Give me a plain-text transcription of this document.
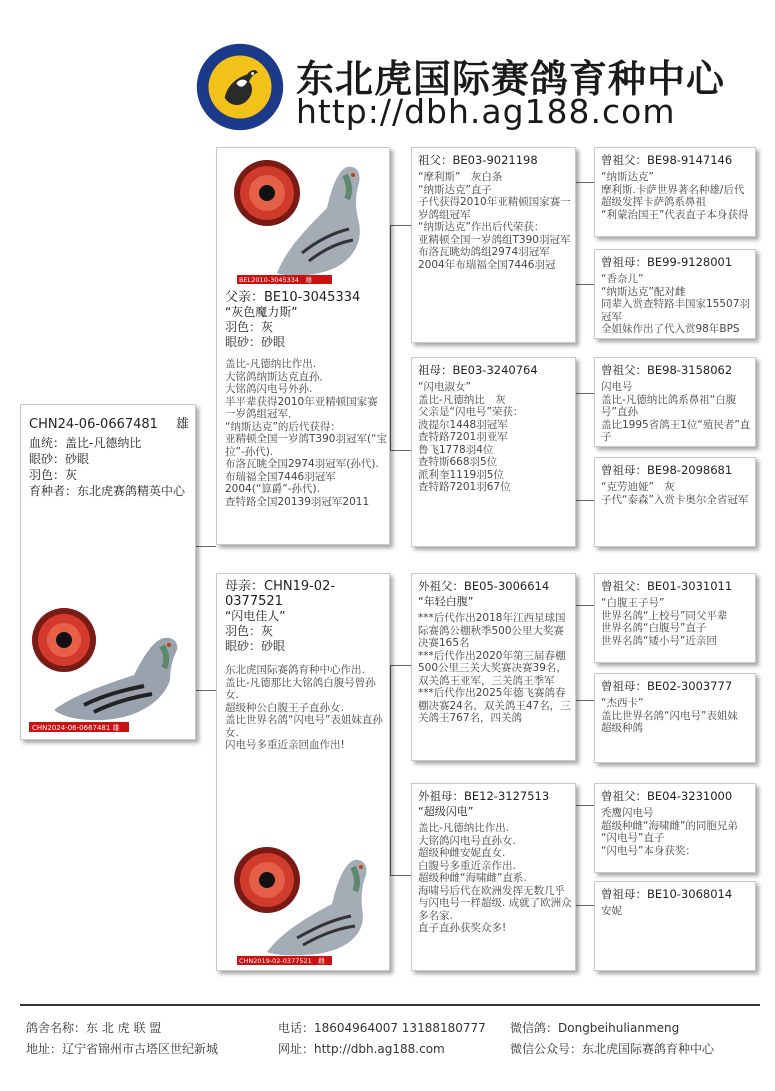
东北虎国际赛鸽育种中心
http://dbh.ag188.com
CHN24-06-0667481 雄
血统：盖比-凡德纳比
眼砂：砂眼
羽色：灰
育种者：东北虎赛鸽精英中心
CHN2024-06-0667481 雄
BEL2010-3045334　雄
父亲：BE10-3045334
“灰色魔力斯”
羽色：灰
眼砂：砂眼
盖比-凡德纳比作出.
大铭鸽纳斯达克直孙．
大铭鸽闪电号外孙.
半平辈获得2010年亚精顿国家赛一岁鸽组冠军．
“纳斯达克”的后代获得：
亚精顿全国一岁鸽T390羽冠军(“宝拉”-孙代).
布洛瓦眺全国2974羽冠军(孙代).
布瑞福全国7446羽冠军
2004(“算爵”-孙代).
查特路全国20139羽冠军2011
母亲：CHN19-02-0377521
“闪电佳人”
羽色：灰
眼砂：砂眼
东北虎国际赛鸽育种中心作出.
盖比-凡德那比大铭鸽白腹号曾孙女.
超级种公白腹王子直孙女.
盖比世界名鸽“闪电号”表姐妹直孙女.
闪电号多重近亲回血作出!
CHN2019-02-0377521　雌
祖父：BE03-9021198
“摩利斯”　灰白条
“纳斯达克”直子
子代获得2010年亚精顿国家赛一岁鸽组冠军
“纳斯达克”作出后代荣获：
亚精顿全国一岁鸽组T390羽冠军
布洛瓦眺幼鸽组2974羽冠军
2004年布瑞福全国7446羽冠
祖母：BE03-3240764
“闪电淑女”
盖比-凡德纳比　灰
父亲是“闪电号”荣获：
波提尔1448羽冠军
查特路7201羽亚军
鲁飞1778羽4位
查特斯668羽5位
派利奎1119羽5位
查特路7201羽67位
外祖父：BE05-3006614
“年轻白腹”
***后代作出2018年江西星球国际赛鸽公棚秋季500公里大奖赛决赛165名
***后代作出2020年第三届春棚500公里三关大奖赛决赛39名，双关鸽王亚军，三关鸽王季军
***后代作出2025年德飞赛鸽春棚决赛24名，双关鸽王47名，三关鸽王767名，四关鸽
外祖母：BE12-3127513
“超级闪电”
盖比-凡德纳比作出.
大铭鸽闪电号直孙女.
超级种雌安妮直女.
白腹号多重近亲作出.
超级种雌“海啸雌”直系.
海啸号后代在欧洲发挥无数几乎与闪电号一样超级. 成就了欧洲众多名家.
直子直孙获奖众多!
曾祖父：BE98-9147146
“纳斯达克”
摩利斯.卡萨世界著名种雄/后代超级发挥卡萨鸽系鼻祖
“利蒙治国王”代表直子本身获得
曾祖母：BE99-9128001
“香奈儿”
“纳斯达克”配对雌
同辈入赏查特路丰国家15507羽冠军
全姐妹作出了代入赏98年BPS
曾祖父：BE98-3158062
闪电号
盖比-凡德纳比鸽系鼻祖“白腹号”直孙
盖比1995省鸽王1位“殖民者”直子
曾祖母：BE98-2098681
“克劳迪娅”　灰
子代“泰森”入赏卡奥尔全省冠军
曾祖父：BE01-3031011
“白腹王子号”
世界名鸽“上校号”同父平辈
世界名鸽“白腹号”直子
世界名鸽“矮小号”近亲回
曾祖母：BE02-3003777
“杰西卡”
盖比世界名鸽“闪电号”表姐妹
超级种鸽
曾祖父：BE04-3231000
秃鹰闪电号
超级种雌“海啸雌”的同胞兄弟
“闪电号”直子
“闪电号”本身获奖：
曾祖母：BE10-3068014
安妮
鸽舍名称：东 北 虎 联 盟	电话：18604964007 13188180777 微信鸽：Dongbeihulianmeng
地址：辽宁省锦州市古塔区世纪新城	网址：http://dbh.ag188.com	微信公众号：东北虎国际赛鸽育种中心
